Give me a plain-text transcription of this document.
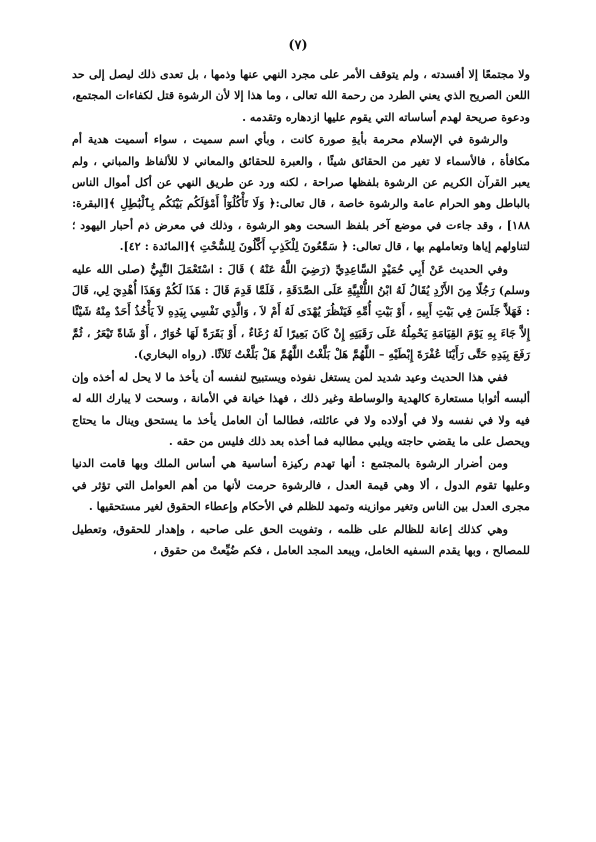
(٧)

ولا مجتمعًا إلا أفسدته ، ولم يتوقف الأمر على مجرد النهي عنها وذمها ، بل تعدى ذلك ليصل إلى حد اللعن الصريح الذي يعني الطرد من رحمة الله تعالى ، وما هذا إلا لأن الرشوة قتل لكفاءات المجتمع، ودعوة صريحة لهدم أساساته التي يقوم عليها ازدهاره وتقدمه .

والرشوة في الإسلام محرمة بأيةِ صورة كانت ، وبأي اسم سميت ، سواء أسميت هدية أم مكافأة ، فالأسماء لا تغير من الحقائق شيئًا ، والعبرة للحقائق والمعاني لا للألفاظ والمباني ، ولم يعبر القرآن الكريم عن الرشوة بلفظها صراحة ، لكنه ورد عن طريق النهي عن أكل أموال الناس بالباطل وهو الحرام عامة والرشوة خاصة ، قال تعالى:﴿ وَلَا تَأْكُلُوٓاْ أَمْوَٰلَكُم بَيْنَكُم بِٱلْبَٰطِلِ ﴾[البقرة: ١٨٨] ، وقد جاءت في موضع آخر بلفظ السحت وهو الرشوة ، وذلك في معرض ذم أحبار اليهود ؛ لتناولهم إياها وتعاملهم بها ، قال تعالى: ﴿ سَمَّٰعُونَ لِلْكَذِبِ أَكَّٰلُونَ لِلسُّحْتِ ﴾[المائدة : ٤٢].

وفي الحديث عَنْ أَبِي حُمَيْدٍ السَّاعِدِيِّ (رَضِيَ اللَّهُ عَنْهُ ) قَالَ : اسْتَعْمَلَ النَّبِيُّ (صلى الله عليه وسلم) رَجُلًا مِنَ الأَزْدِ يُقَالُ لَهُ ابْنُ اللُّتْبِيَّةِ عَلَى الصَّدَقَةِ ، فَلَمَّا قَدِمَ قَالَ : هَذَا لَكُمْ وَهَذَا أُهْدِيَ لِي، قَالَ : فَهَلاَّ جَلَسَ فِي بَيْتِ أَبِيهِ ، أَوْ بَيْتِ أُمِّهِ فَيَنْظُرَ يُهْدَى لَهُ أَمْ لاَ ، وَالَّذِي نَفْسِي بِيَدِهِ لاَ يَأْخُذُ أَحَدٌ مِنْهُ شَيْئًا إِلاَّ جَاءَ بِهِ يَوْمَ القِيَامَةِ يَحْمِلُهُ عَلَى رَقَبَتِهِ إِنْ كَانَ بَعِيرًا لَهُ رُغَاءٌ ، أَوْ بَقَرَةً لَهَا خُوَارٌ ، أَوْ شَاةً تَيْعَرُ ، ثُمَّ رَفَعَ بِيَدِهِ حَتَّى رَأَيْنَا عُفْرَةَ إِبْطَيْهِ – اللَّهُمَّ هَلْ بَلَّغْتُ اللَّهُمَّ هَلْ بَلَّغْتُ ثَلاَثًا. (رواه البخاري).

ففي هذا الحديث وعيد شديد لمن يستغل نفوذه ويستبيح لنفسه أن يأخذ ما لا يحل له أخذه وإن ألبسه أثوابا مستعارة كالهدية والوساطة وغير ذلك ، فهذا خيانة في الأمانة ، وسحت لا يبارك الله له فيه ولا في نفسه ولا في أولاده ولا في عائلته، فطالما أن العامل يأخذ ما يستحق وينال ما يحتاج ويحصل على ما يقضي حاجته ويلبي مطالبه فما أخذه بعد ذلك فليس من حقه .

ومن أضرار الرشوة بالمجتمع : أنها تهدم ركيزة أساسية هي أساس الملك وبها قامت الدنيا وعليها تقوم الدول ، ألا وهي قيمة العدل ، فالرشوة حرمت لأنها من أهم العوامل التي تؤثر في مجرى العدل بين الناس وتغير موازينه وتمهد للظلم في الأحكام وإعطاء الحقوق لغير مستحقيها .

وهي كذلك إعانة للظالم على ظلمه ، وتفويت الحق على صاحبه ، وإهدار للحقوق، وتعطيل للمصالح ، وبها يقدم السفيه الخامل، ويبعد المجد العامل ، فكم ضُيِّعتْ من حقوق ،
